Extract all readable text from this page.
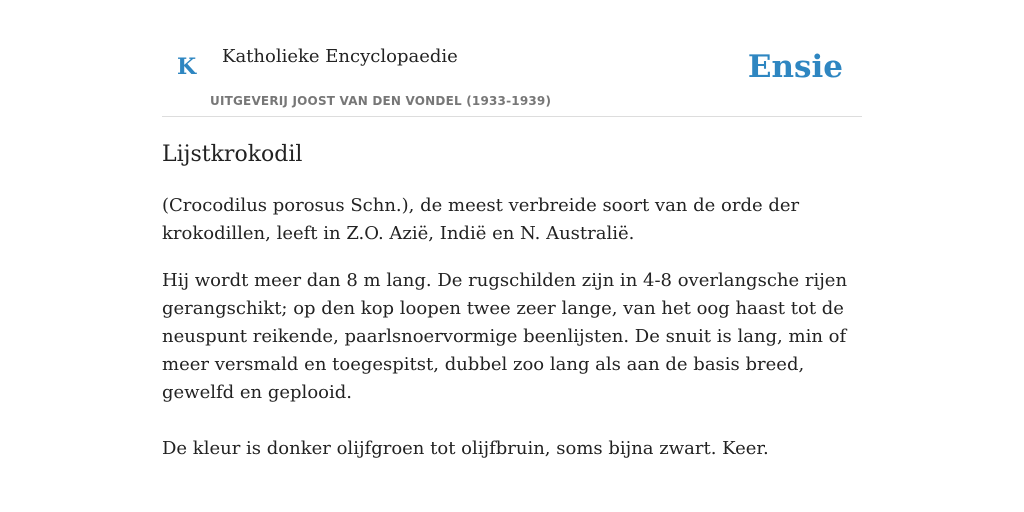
K Katholieke Encyclopaedie
UITGEVERIJ JOOST VAN DEN VONDEL (1933-1939)
Ensie
Lijstkrokodil

(Crocodilus porosus Schn.), de meest verbreide soort van de orde der krokodillen, leeft in Z.O. Azië, Indië en N. Australië.

Hij wordt meer dan 8 m lang. De rugschilden zijn in 4-8 overlangsche rijen gerangschikt; op den kop loopen twee zeer lange, van het oog haast tot de neuspunt reikende, paarlsnoervormige beenlijsten. De snuit is lang, min of meer versmald en toegespitst, dubbel zoo lang als aan de basis breed, gewelfd en geplooid.

De kleur is donker olijfgroen tot olijfbruin, soms bijna zwart. Keer.
